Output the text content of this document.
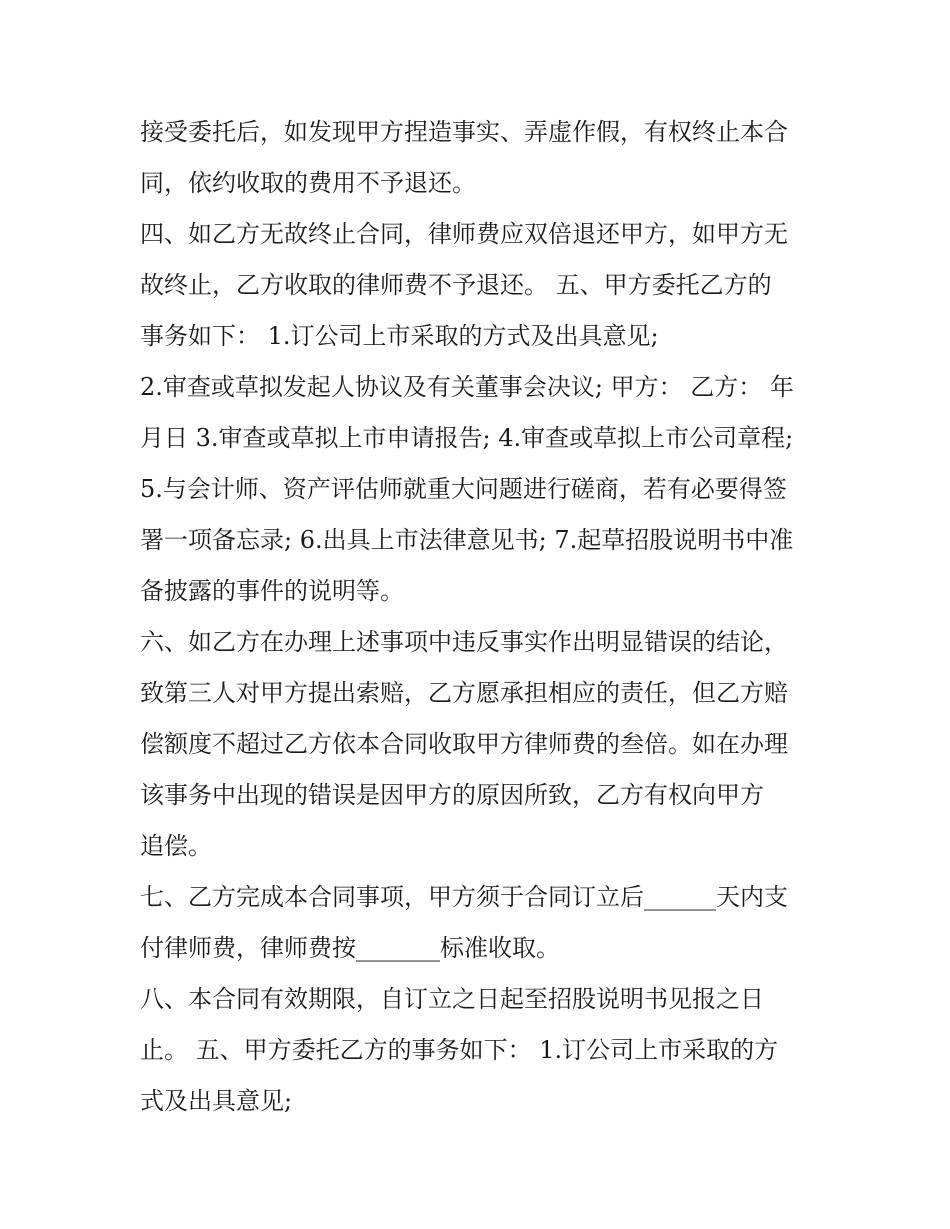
接受委托后，如发现甲方捏造事实、弄虚作假，有权终止本合
同，依约收取的费用不予退还。
四、如乙方无故终止合同，律师费应双倍退还甲方，如甲方无
故终止，乙方收取的律师费不予退还。 五、甲方委托乙方的
事务如下： 1.订公司上市采取的方式及出具意见;
2.审查或草拟发起人协议及有关董事会决议; 甲方： 乙方： 年
月日 3.审查或草拟上市申请报告; 4.审查或草拟上市公司章程;
5.与会计师、资产评估师就重大问题进行磋商，若有必要得签
署一项备忘录; 6.出具上市法律意见书; 7.起草招股说明书中准
备披露的事件的说明等。
六、如乙方在办理上述事项中违反事实作出明显错误的结论，
致第三人对甲方提出索赔，乙方愿承担相应的责任，但乙方赔
偿额度不超过乙方依本合同收取甲方律师费的叁倍。如在办理
该事务中出现的错误是因甲方的原因所致，乙方有权向甲方
追偿。
七、乙方完成本合同事项，甲方须于合同订立后______天内支
付律师费，律师费按_______标准收取。
八、本合同有效期限，自订立之日起至招股说明书见报之日
止。 五、甲方委托乙方的事务如下： 1.订公司上市采取的方
式及出具意见;
